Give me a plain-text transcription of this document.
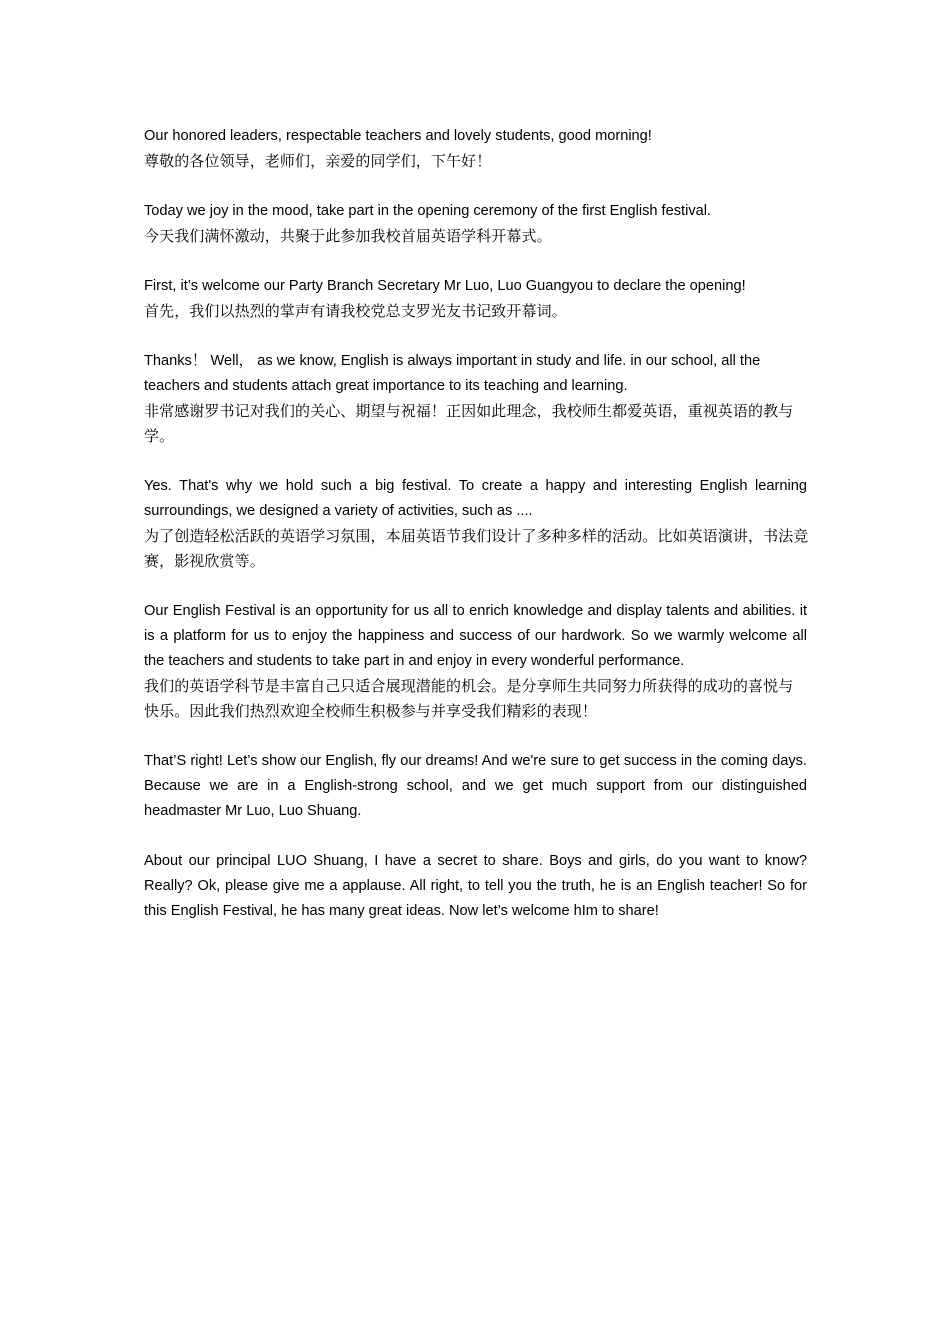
Our honored leaders, respectable teachers and lovely students, good morning!

尊敬的各位领导，老师们，亲爱的同学们，下午好！

Today we joy in the mood, take part in the opening ceremony of the first English festival.

今天我们满怀激动，共聚于此参加我校首届英语学科开幕式。

First, it’s welcome our Party Branch Secretary Mr Luo, Luo Guangyou to declare the opening!

首先，我们以热烈的掌声有请我校党总支罗光友书记致开幕词。

Thanks！ Well， as we know, English is always important in study and life. in our school, all the teachers and students attach great importance to its teaching and learning.

非常感谢罗书记对我们的关心、期望与祝福！正因如此理念，我校师生都爱英语，重视英语的教与学。

Yes. That's why we hold such a big festival. To create a happy and interesting English learning surroundings, we designed a variety of activities, such as ....

为了创造轻松活跃的英语学习氛围，本届英语节我们设计了多种多样的活动。比如英语演讲，书法竞赛，影视欣赏等。

Our English Festival is an opportunity for us all to enrich knowledge and display talents and abilities. it is a platform for us to enjoy the happiness and success of our hardwork. So we warmly welcome all the teachers and students to take part in and enjoy in every wonderful performance.

我们的英语学科节是丰富自己只适合展现潜能的机会。是分享师生共同努力所获得的成功的喜悦与快乐。因此我们热烈欢迎全校师生积极参与并享受我们精彩的表现！

That’S right! Let’s show our English, fly our dreams! And we're sure to get success in the coming days. Because we are in a English-strong school, and we get much support from our distinguished headmaster Mr Luo, Luo Shuang.

About our principal LUO Shuang, I have a secret to share. Boys and girls, do you want to know? Really? Ok, please give me a applause. All right, to tell you the truth, he is an English teacher! So for this English Festival, he has many great ideas. Now let’s welcome hIm to share!
